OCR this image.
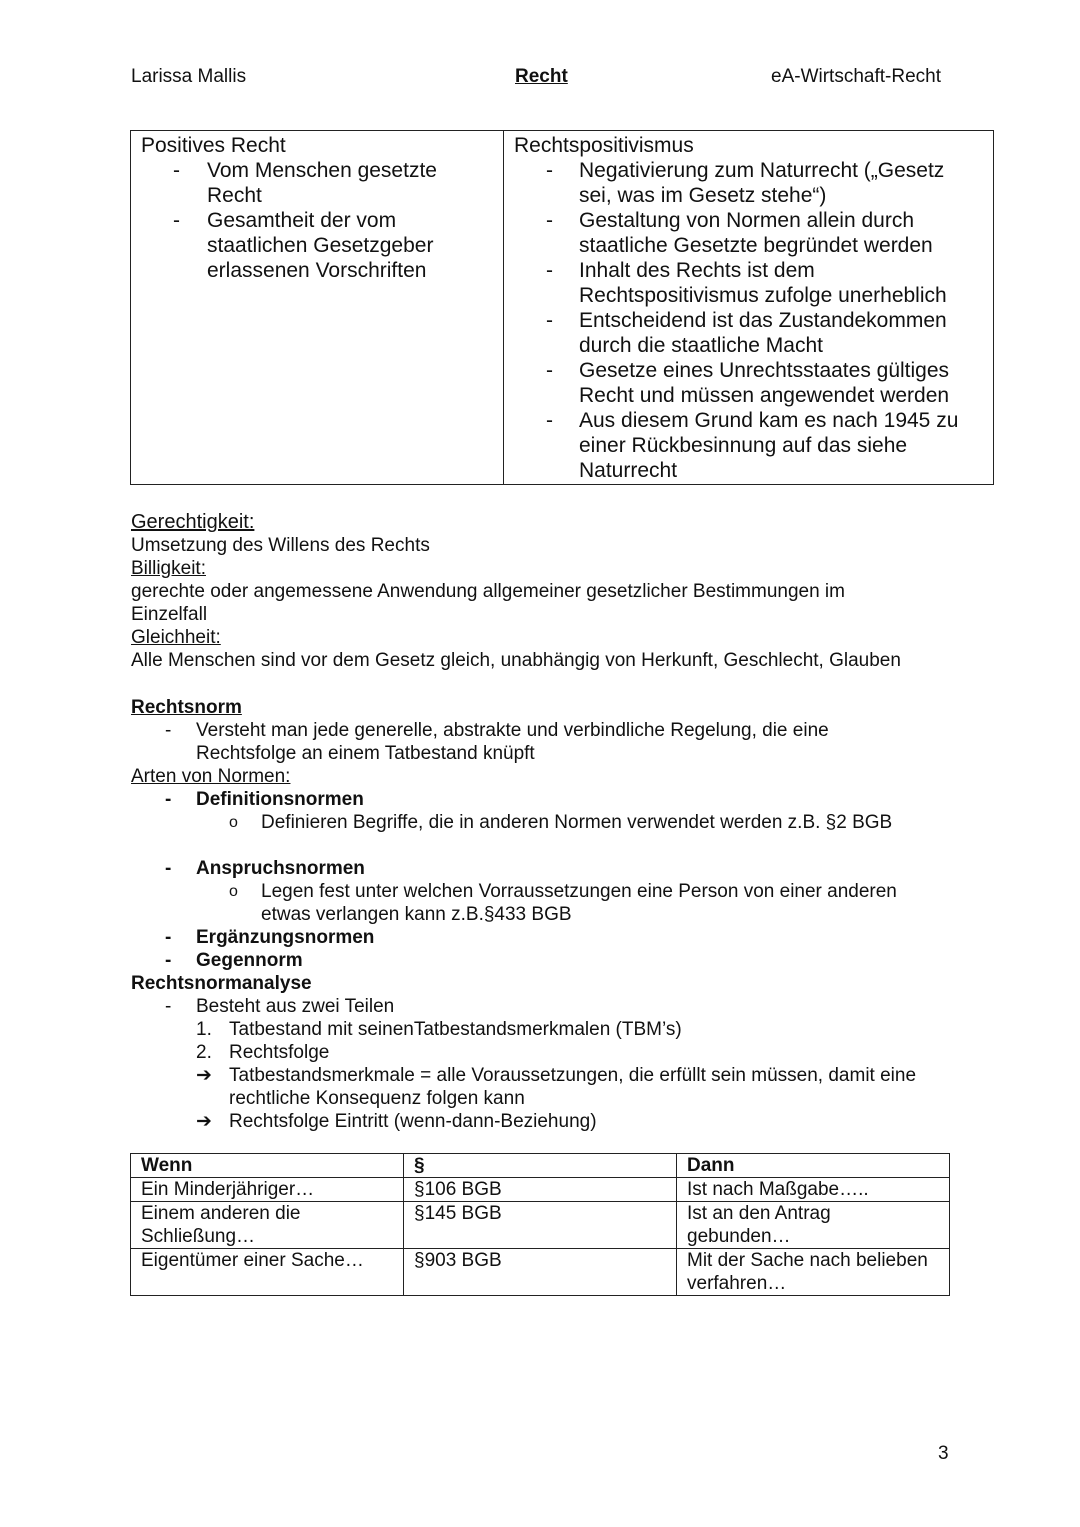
Larissa Mallis	Recht	eA-Wirtschaft-Recht
Positives Recht
- Vom Menschen gesetzte Recht
- Gesamtheit der vom staatlichen Gesetzgeber erlassenen Vorschriften

Rechtspositivismus
- Negativierung zum Naturrecht („Gesetz sei, was im Gesetz stehe“)
- Gestaltung von Normen allein durch staatliche Gesetzte begründet werden
- Inhalt des Rechts ist dem Rechtspositivismus zufolge unerheblich
- Entscheidend ist das Zustandekommen durch die staatliche Macht
- Gesetze eines Unrechtsstaates gültiges Recht und müssen angewendet werden
- Aus diesem Grund kam es nach 1945 zu einer Rückbesinnung auf das siehe Naturrecht
Gerechtigkeit:
Umsetzung des Willens des Rechts
Billigkeit:
gerechte oder angemessene Anwendung allgemeiner gesetzlicher Bestimmungen im Einzelfall
Gleichheit:
Alle Menschen sind vor dem Gesetz gleich, unabhängig von Herkunft, Geschlecht, Glauben
Rechtsnorm
- Versteht man jede generelle, abstrakte und verbindliche Regelung, die eine Rechtsfolge an einem Tatbestand knüpft
Arten von Normen:
- Definitionsnormen
o Definieren Begriffe, die in anderen Normen verwendet werden z.B. §2 BGB
- Anspruchsnormen
o Legen fest unter welchen Vorraussetzungen eine Person von einer anderen etwas verlangen kann z.B.§433 BGB
- Ergänzungsnormen
- Gegennorm
Rechtsnormanalyse
- Besteht aus zwei Teilen
1. Tatbestand mit seinenTatbestandsmerkmalen (TBM’s)
2. Rechtsfolge
➔ Tatbestandsmerkmale = alle Voraussetzungen, die erfüllt sein müssen, damit eine rechtliche Konsequenz folgen kann
➔ Rechtsfolge Eintritt (wenn-dann-Beziehung)
Wenn	§	Dann
Ein Minderjähriger…	§106 BGB	Ist nach Maßgabe…..
Einem anderen die Schließung…	§145 BGB	Ist an den Antrag gebunden…
Eigentümer einer Sache…	§903 BGB	Mit der Sache nach belieben verfahren…
3
